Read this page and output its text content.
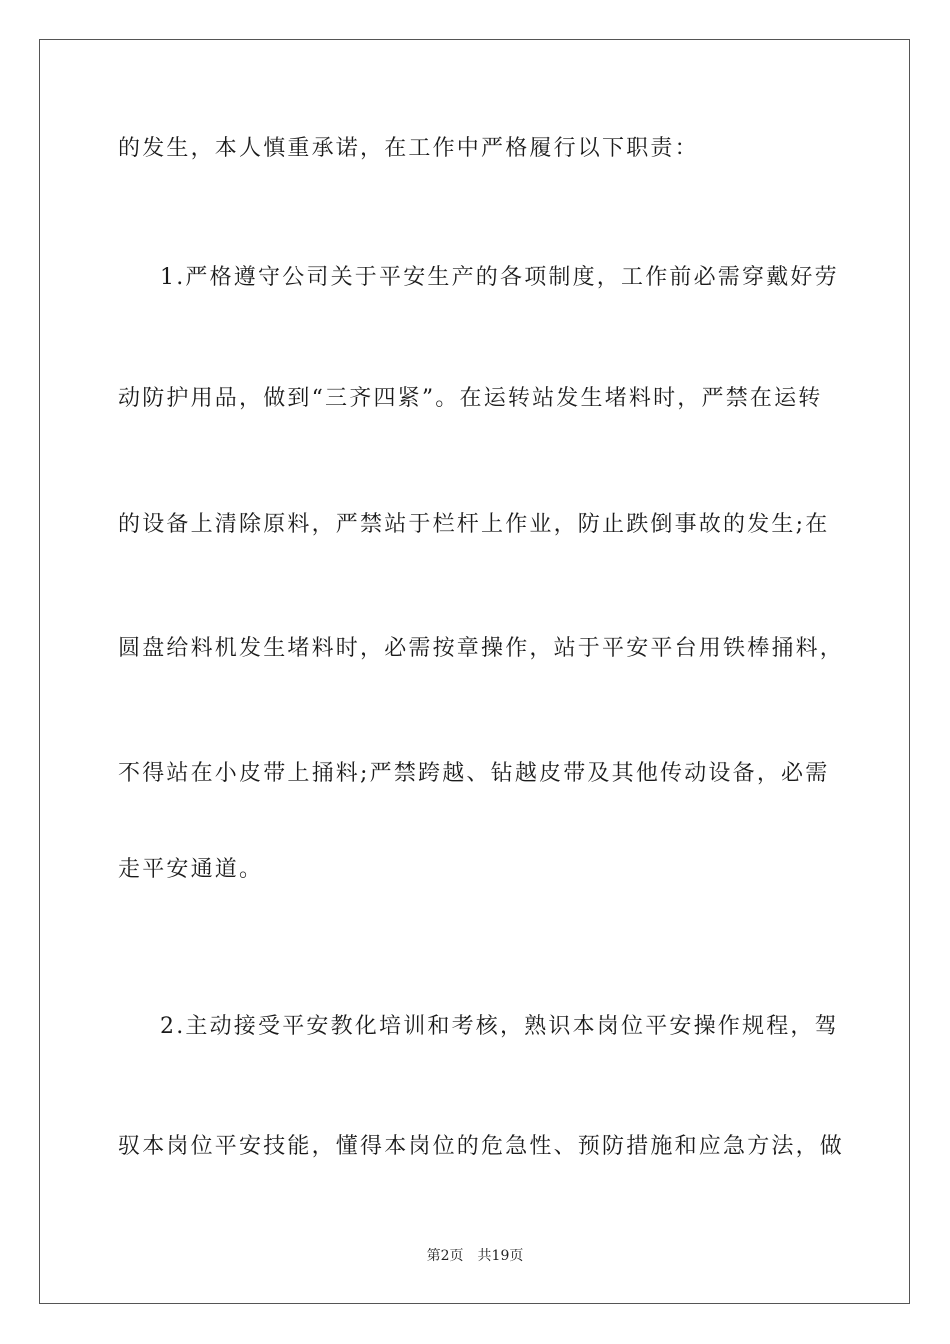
的发生，本人慎重承诺，在工作中严格履行以下职责：
1.严格遵守公司关于平安生产的各项制度，工作前必需穿戴好劳
动防护用品，做到“三齐四紧”。在运转站发生堵料时，严禁在运转
的设备上清除原料，严禁站于栏杆上作业，防止跌倒事故的发生;在
圆盘给料机发生堵料时，必需按章操作，站于平安平台用铁棒捅料，
不得站在小皮带上捅料;严禁跨越、钻越皮带及其他传动设备，必需
走平安通道。
2.主动接受平安教化培训和考核，熟识本岗位平安操作规程，驾
驭本岗位平安技能，懂得本岗位的危急性、预防措施和应急方法，做
第2页 共19页
